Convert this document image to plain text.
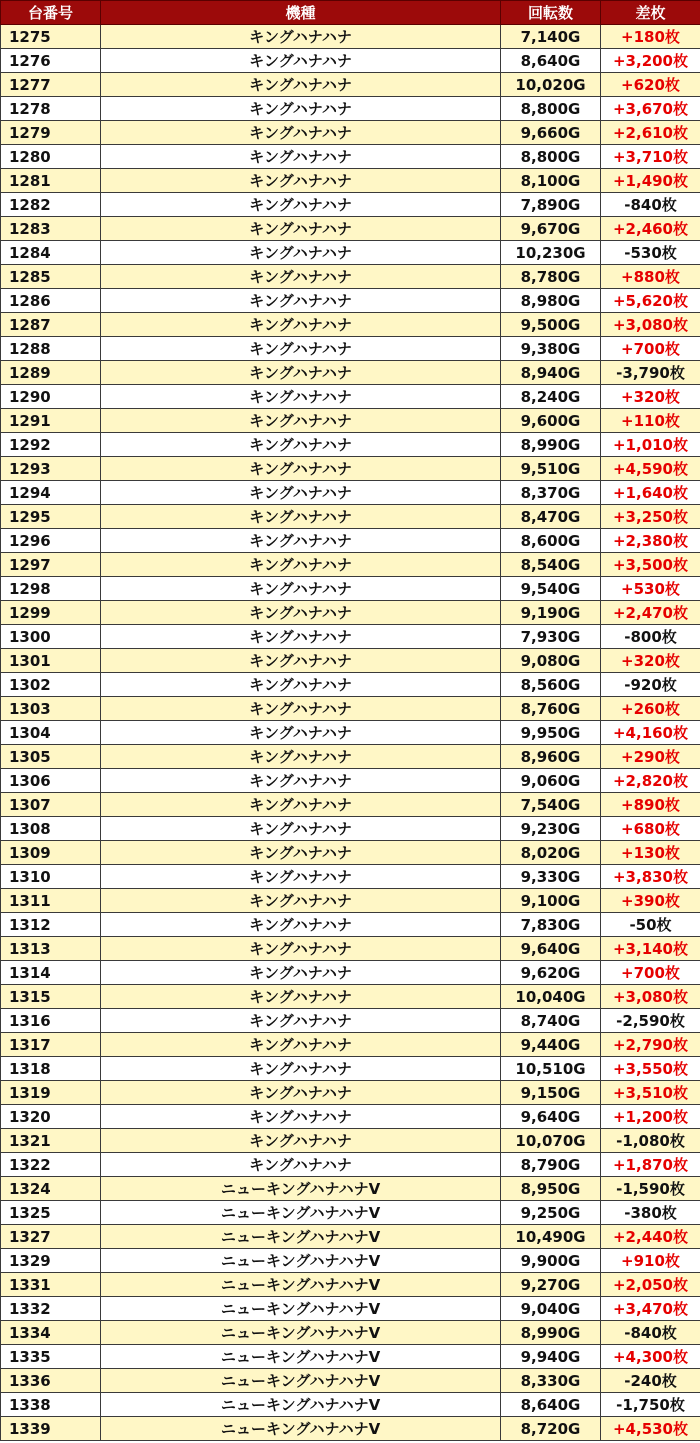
台番号	機種	回転数	差枚
1275	キングハナハナ	7,140G	+180枚
1276	キングハナハナ	8,640G	+3,200枚
1277	キングハナハナ	10,020G	+620枚
1278	キングハナハナ	8,800G	+3,670枚
1279	キングハナハナ	9,660G	+2,610枚
1280	キングハナハナ	8,800G	+3,710枚
1281	キングハナハナ	8,100G	+1,490枚
1282	キングハナハナ	7,890G	-840枚
1283	キングハナハナ	9,670G	+2,460枚
1284	キングハナハナ	10,230G	-530枚
1285	キングハナハナ	8,780G	+880枚
1286	キングハナハナ	8,980G	+5,620枚
1287	キングハナハナ	9,500G	+3,080枚
1288	キングハナハナ	9,380G	+700枚
1289	キングハナハナ	8,940G	-3,790枚
1290	キングハナハナ	8,240G	+320枚
1291	キングハナハナ	9,600G	+110枚
1292	キングハナハナ	8,990G	+1,010枚
1293	キングハナハナ	9,510G	+4,590枚
1294	キングハナハナ	8,370G	+1,640枚
1295	キングハナハナ	8,470G	+3,250枚
1296	キングハナハナ	8,600G	+2,380枚
1297	キングハナハナ	8,540G	+3,500枚
1298	キングハナハナ	9,540G	+530枚
1299	キングハナハナ	9,190G	+2,470枚
1300	キングハナハナ	7,930G	-800枚
1301	キングハナハナ	9,080G	+320枚
1302	キングハナハナ	8,560G	-920枚
1303	キングハナハナ	8,760G	+260枚
1304	キングハナハナ	9,950G	+4,160枚
1305	キングハナハナ	8,960G	+290枚
1306	キングハナハナ	9,060G	+2,820枚
1307	キングハナハナ	7,540G	+890枚
1308	キングハナハナ	9,230G	+680枚
1309	キングハナハナ	8,020G	+130枚
1310	キングハナハナ	9,330G	+3,830枚
1311	キングハナハナ	9,100G	+390枚
1312	キングハナハナ	7,830G	-50枚
1313	キングハナハナ	9,640G	+3,140枚
1314	キングハナハナ	9,620G	+700枚
1315	キングハナハナ	10,040G	+3,080枚
1316	キングハナハナ	8,740G	-2,590枚
1317	キングハナハナ	9,440G	+2,790枚
1318	キングハナハナ	10,510G	+3,550枚
1319	キングハナハナ	9,150G	+3,510枚
1320	キングハナハナ	9,640G	+1,200枚
1321	キングハナハナ	10,070G	-1,080枚
1322	キングハナハナ	8,790G	+1,870枚
1324	ニューキングハナハナV	8,950G	-1,590枚
1325	ニューキングハナハナV	9,250G	-380枚
1327	ニューキングハナハナV	10,490G	+2,440枚
1329	ニューキングハナハナV	9,900G	+910枚
1331	ニューキングハナハナV	9,270G	+2,050枚
1332	ニューキングハナハナV	9,040G	+3,470枚
1334	ニューキングハナハナV	8,990G	-840枚
1335	ニューキングハナハナV	9,940G	+4,300枚
1336	ニューキングハナハナV	8,330G	-240枚
1338	ニューキングハナハナV	8,640G	-1,750枚
1339	ニューキングハナハナV	8,720G	+4,530枚
